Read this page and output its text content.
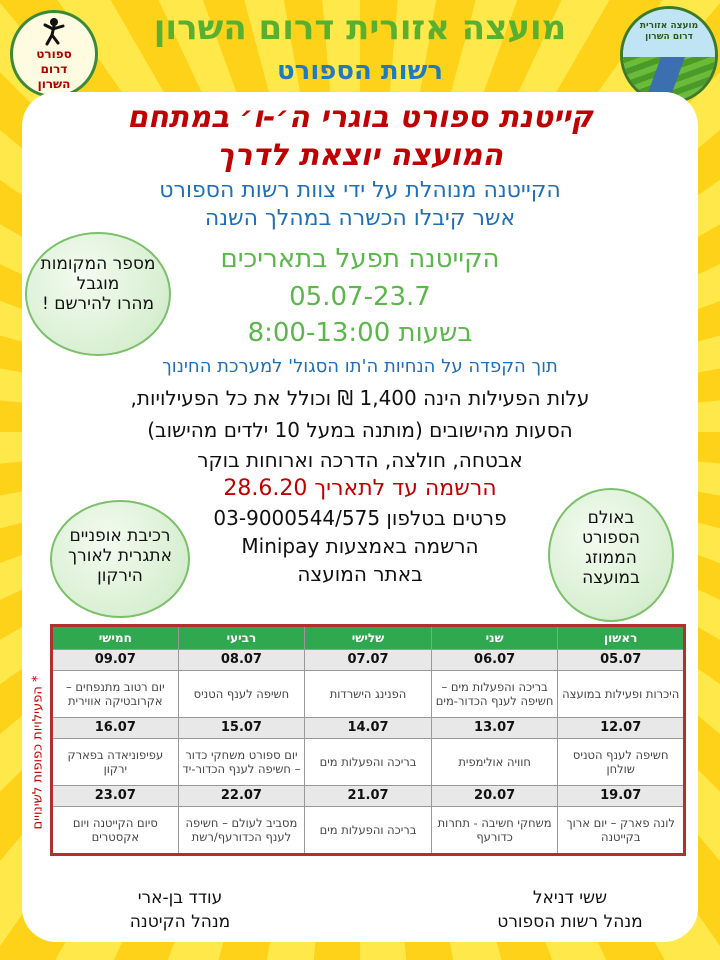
מועצה אזורית דרום השרון
רשות הספורט
ספורט
דרום
השרון
מועצה אזורית
דרום השרון
קייטנת ספורט בוגרי ה׳-ו׳ במתחם
המועצה יוצאת לדרך
הקייטנה מנוהלת על ידי צוות רשות הספורט
אשר קיבלו הכשרה במהלך השנה
הקייטנה תפעל בתאריכים
05.07-23.7
בשעות 8:00-13:00
תוך הקפדה על הנחיות ה'תו הסגול' למערכת החינוך
עלות הפעילות הינה 1,400 ₪ וכולל את כל הפעילויות,
הסעות מהישובים (מותנה במעל 10 ילדים מהישוב)
אבטחה, חולצה, הדרכה וארוחות בוקר
הרשמה עד לתאריך 28.6.20
פרטים בטלפון 03-9000544/575
הרשמה באמצעות Minipay
באתר המועצה
מספר המקומות
מוגבל
מהרו להירשם !
באולם
הספורט
הממוזג
במועצה
רכיבת אופניים
אתגרית לאורך
הירקון
* הפעילויות כפופות לשינויים
ראשון	שני	שלישי	רביעי	חמישי
05.07	06.07	07.07	08.07	09.07
היכרות ופעילות במועצה	בריכה והפעלות מים – חשיפה לענף הכדור-מים	הפנינג הישרדות	חשיפה לענף הטניס	יום רטוב מתנפחים – אקרובטיקה אווירית
12.07	13.07	14.07	15.07	16.07
חשיפה לענף הטניס שולחן	חוויה אולימפית	בריכה והפעלות מים	יום ספורט משחקי כדור – חשיפה לענף הכדור-יד	עפיפוניאדה בפארק ירקון
19.07	20.07	21.07	22.07	23.07
לונה פארק – יום ארוך בקייטנה	משחקי חשיבה - תחרות כדורעף	בריכה והפעלות מים	מסביב לעולם – חשיפה לענף הכדורעף/רשת	סיום הקייטנה ויום אקסטרים
ששי דניאל
מנהל רשות הספורט
עודד בן-ארי
מנהל הקיטנה
